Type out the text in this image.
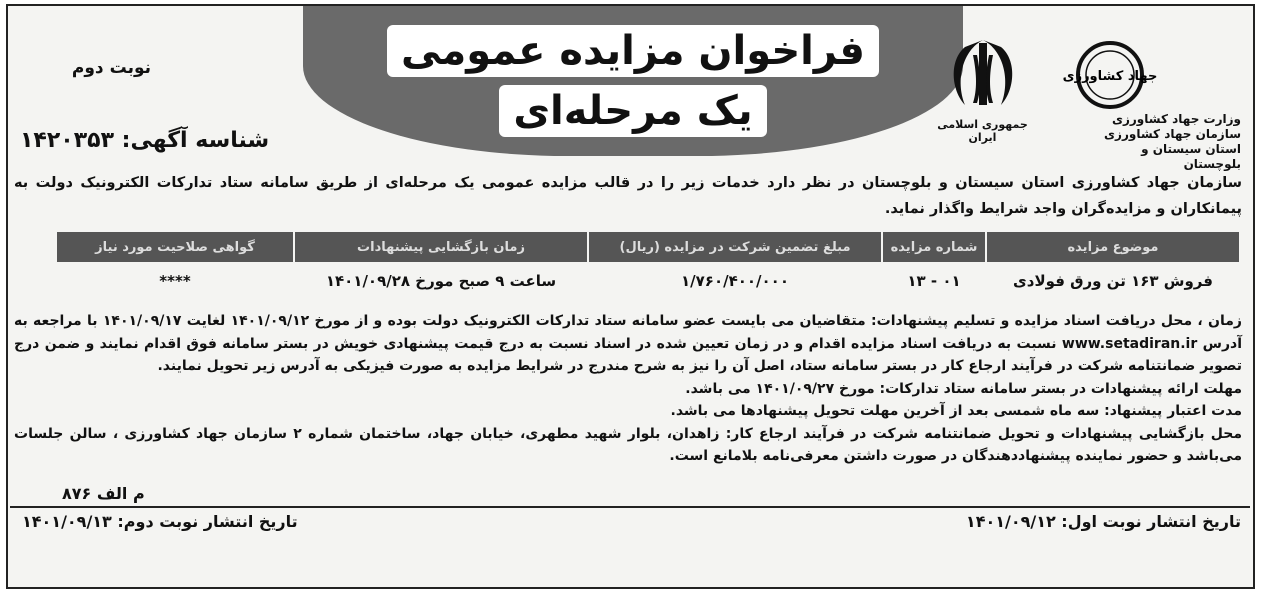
فراخوان مزایده عمومی
یک مرحله‌ای
نوبت دوم
شناسه آگهی: ۱۴۲۰۳۵۳
جمهوری اسلامی ایران
جهاد کشاورزی
وزارت جهاد کشاورزی
سازمان جهاد کشاورزی
استان سیستان و بلوچستان
سازمان جهاد کشاورزی استان سیستان و بلوچستان در نظر دارد خدمات زیر را در قالب مزایده عمومی یک مرحله‌ای از طریق سامانه ستاد تدارکات الکترونیک دولت به پیمانکاران و مزایده‌گران واجد شرایط واگذار نماید.
موضوع مزایده	شماره مزایده	مبلغ تضمین شرکت در مزایده (ریال)	زمان بازگشایی پیشنهادات	گواهی صلاحیت مورد نیاز
فروش ۱۶۳ تن ورق فولادی	۰۱ - ۱۳	۱/۷۶۰/۴۰۰/۰۰۰	ساعت ۹ صبح مورخ ۱۴۰۱/۰۹/۲۸	****
زمان ، محل دریافت اسناد مزایده و تسلیم پیشنهادات: متقاضیان می بایست عضو سامانه ستاد تدارکات الکترونیک دولت بوده و از مورخ ۱۴۰۱/۰۹/۱۲ لغایت ۱۴۰۱/۰۹/۱۷ با مراجعه به آدرس www.setadiran.ir نسبت به دریافت اسناد مزایده اقدام و در زمان تعیین شده در اسناد نسبت به درج قیمت پیشنهادی خویش در بستر سامانه فوق اقدام نمایند و ضمن درج تصویر ضمانتنامه شرکت در فرآیند ارجاع کار در بستر سامانه ستاد، اصل آن را نیز به شرح مندرج در شرایط مزایده به صورت فیزیکی به آدرس زیر تحویل نمایند.
مهلت ارائه پیشنهادات در بستر سامانه ستاد تدارکات: مورخ ۱۴۰۱/۰۹/۲۷ می باشد.
مدت اعتبار پیشنهاد: سه ماه شمسی بعد از آخرین مهلت تحویل پیشنهادها می باشد.
محل بازگشایی پیشنهادات و تحویل ضمانتنامه شرکت در فرآیند ارجاع کار: زاهدان، بلوار شهید مطهری، خیابان جهاد، ساختمان شماره ۲ سازمان جهاد کشاورزی ، سالن جلسات می‌باشد و حضور نماینده پیشنهاددهندگان در صورت داشتن معرفی‌نامه بلامانع است.
م الف ۸۷۶
تاریخ انتشار نوبت اول: ۱۴۰۱/۰۹/۱۲
تاریخ انتشار نوبت دوم: ۱۴۰۱/۰۹/۱۳
